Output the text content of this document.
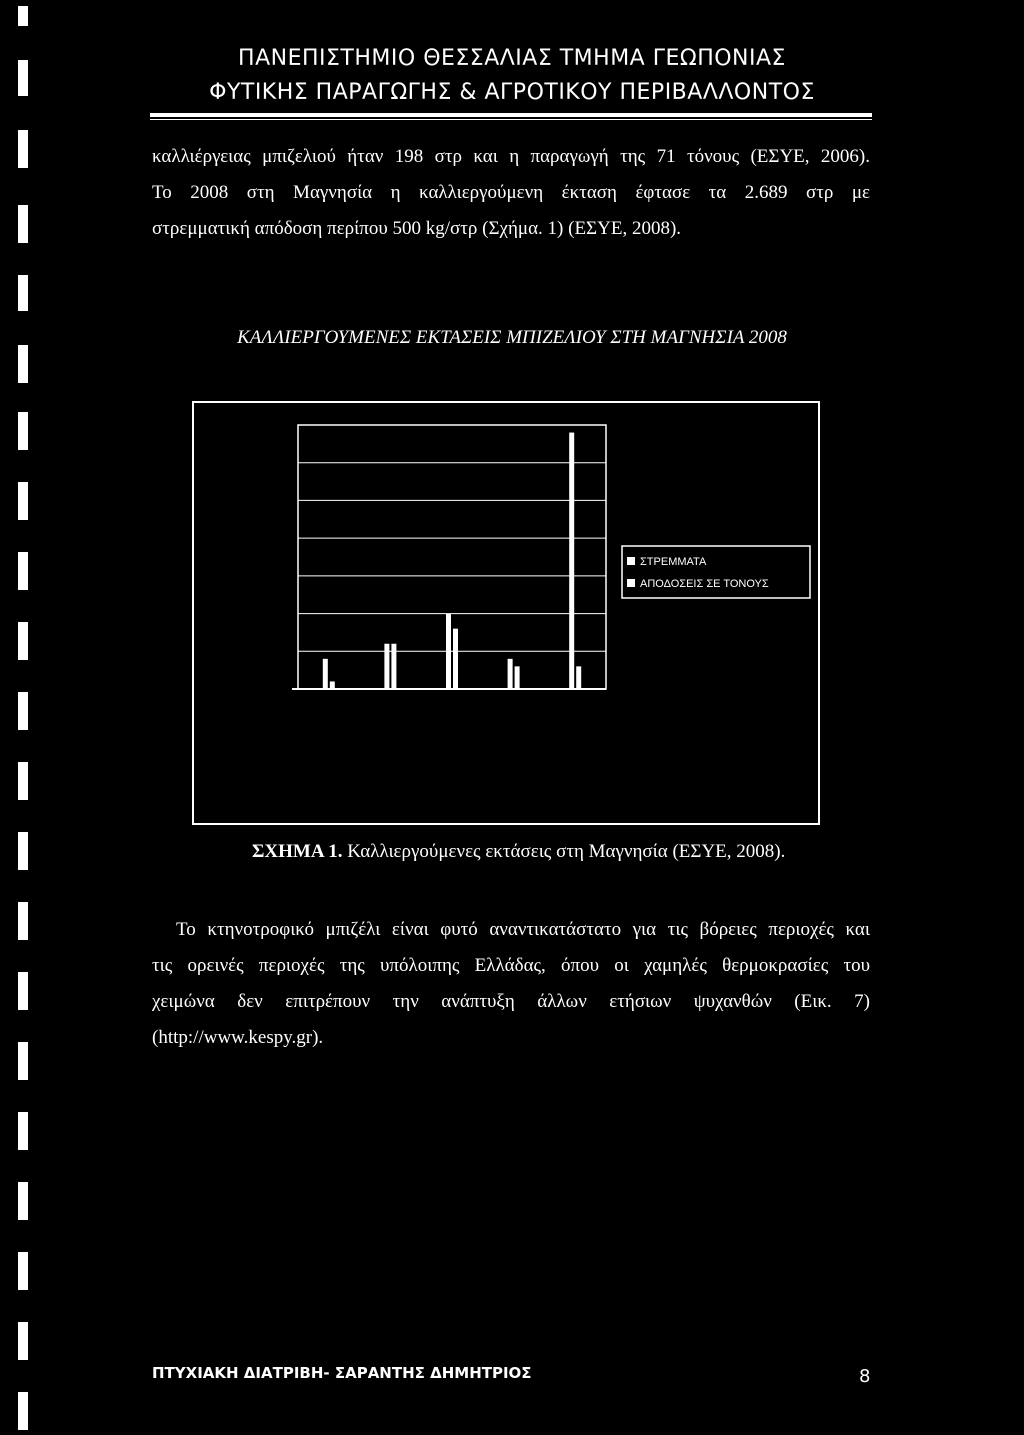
ΠΑΝΕΠΙΣΤΗΜΙΟ ΘΕΣΣΑΛΙΑΣ ΤΜΗΜΑ ΓΕΩΠΟΝΙΑΣ
ΦΥΤΙΚΗΣ ΠΑΡΑΓΩΓΗΣ & ΑΓΡΟΤΙΚΟΥ ΠΕΡΙΒΑΛΛΟΝΤΟΣ
καλλιέργειας μπιζελιού ήταν 198 στρ και η παραγωγή της 71 τόνους (ΕΣΥΕ, 2006).
Το 2008 στη Μαγνησία η καλλιεργούμενη έκταση έφτασε τα 2.689 στρ με
στρεμματική απόδοση περίπου 500 kg/στρ (Σχήμα. 1) (ΕΣΥΕ, 2008).
ΚΑΛΛΙΕΡΓΟΥΜΕΝΕΣ ΕΚΤΑΣΕΙΣ ΜΠΙΖΕΛΙΟΥ ΣΤΗ ΜΑΓΝΗΣΙΑ 2008
ΣΤΡΕΜΜΑΤΑ
ΑΠΟΔΟΣΕΙΣ ΣΕ ΤΟΝΟΥΣ
ΣΧΗΜΑ 1. Καλλιεργούμενες εκτάσεις στη Μαγνησία (ΕΣΥΕ, 2008).
Το κτηνοτροφικό μπιζέλι είναι φυτό αναντικατάστατο για τις βόρειες περιοχές και
τις ορεινές περιοχές της υπόλοιπης Ελλάδας, όπου οι χαμηλές θερμοκρασίες του
χειμώνα δεν επιτρέπουν την ανάπτυξη άλλων ετήσιων ψυχανθών (Εικ. 7)
(http://www.kespy.gr).
ΠΤΥΧΙΑΚΗ ΔΙΑΤΡΙΒΗ- ΣΑΡΑΝΤΗΣ ΔΗΜΗΤΡΙΟΣ	8
